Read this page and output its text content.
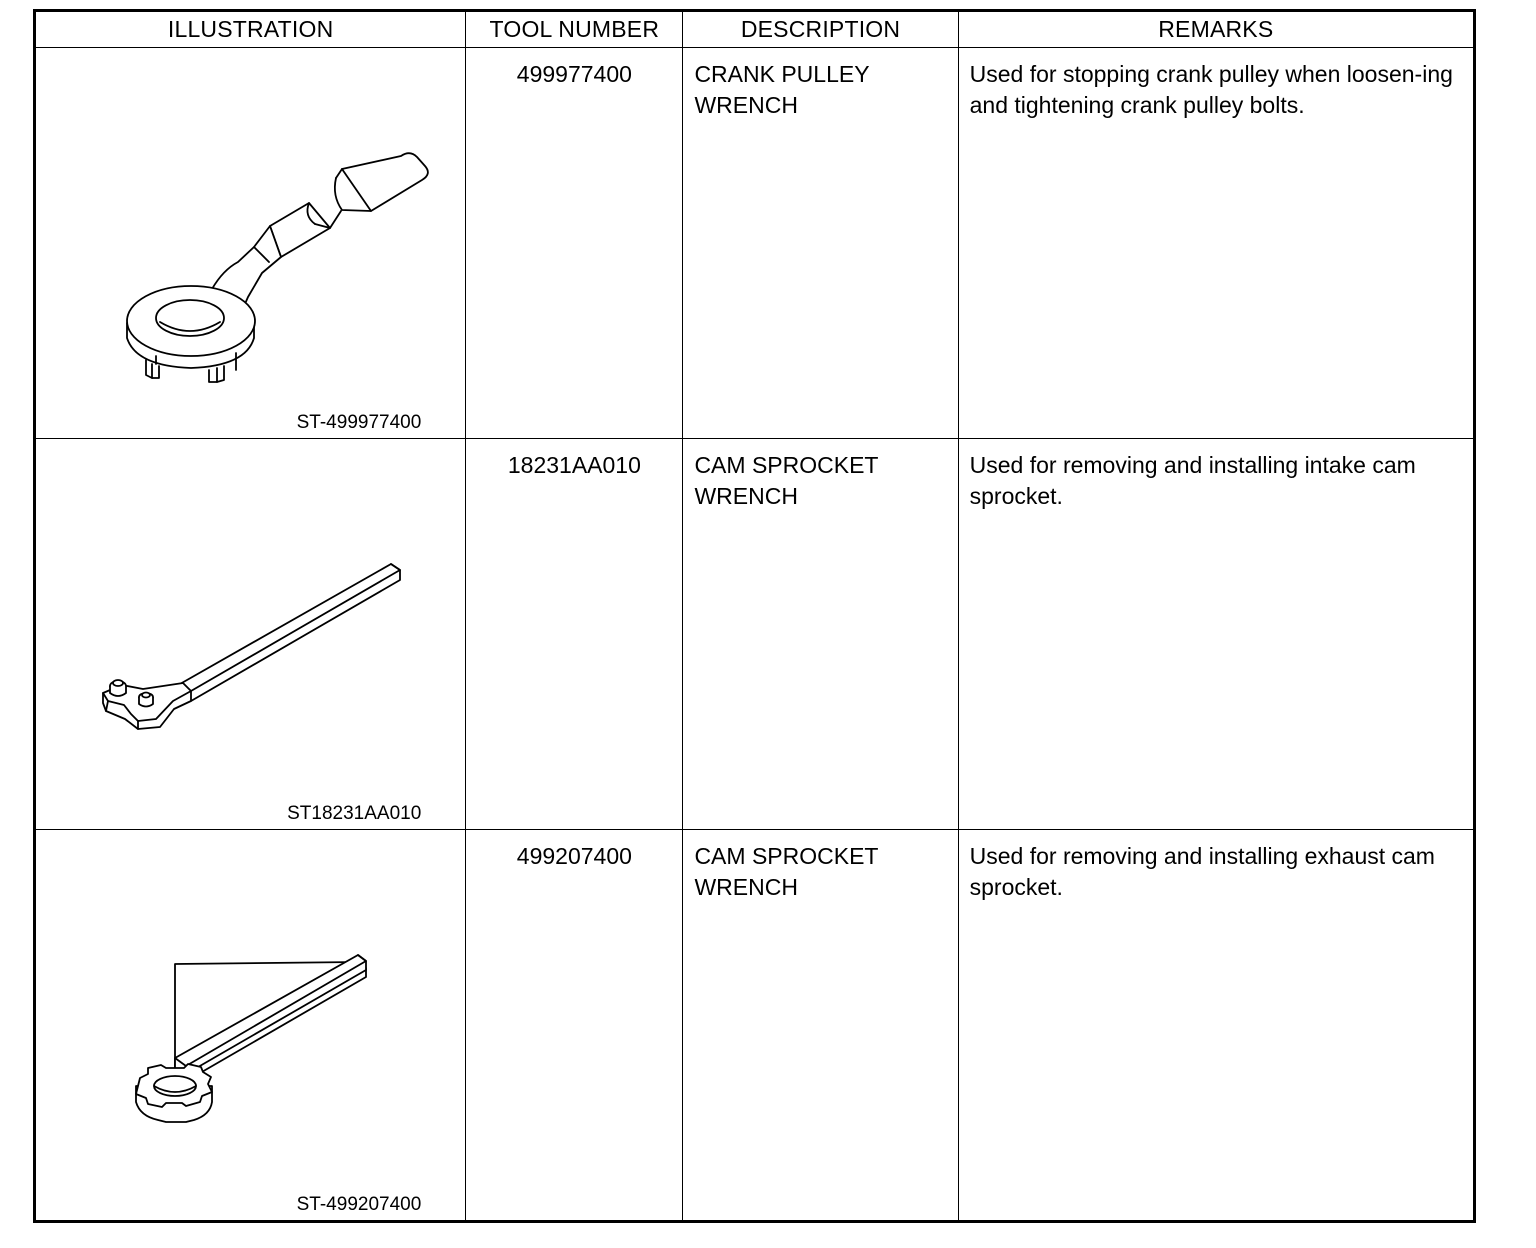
ILLUSTRATION	TOOL NUMBER	DESCRIPTION	REMARKS

ST-499977400	499977400	CRANK PULLEY WRENCH	Used for stopping crank pulley when loosen-ing and tightening crank pulley bolts.

ST18231AA010	18231AA010	CAM SPROCKET WRENCH	Used for removing and installing intake cam sprocket.

ST-499207400	499207400	CAM SPROCKET WRENCH	Used for removing and installing exhaust cam sprocket.
